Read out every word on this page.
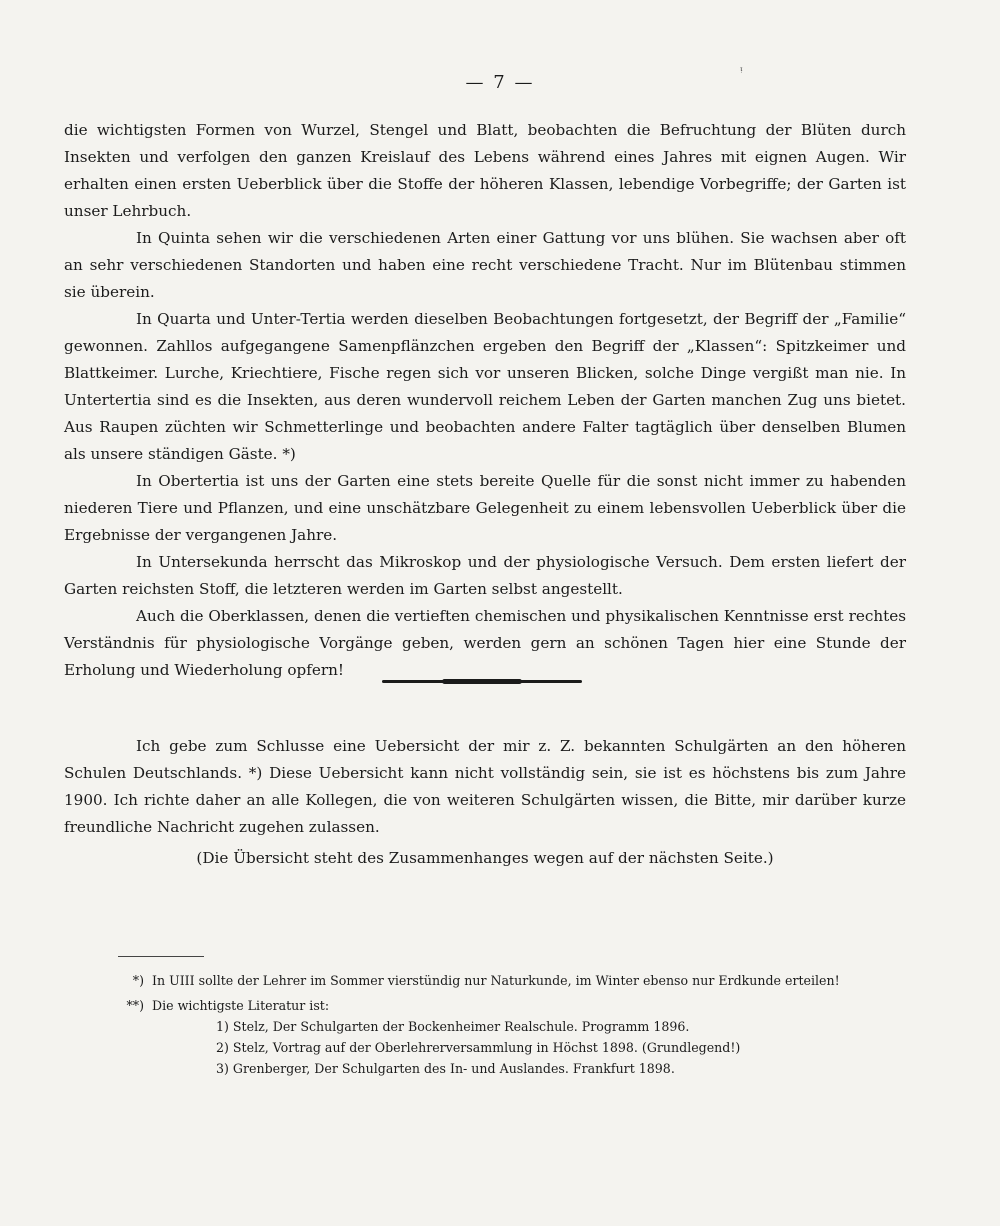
— 7 —
ᵎ

die wichtigsten Formen von Wurzel, Stengel und Blatt, beobachten die Befruchtung der Blüten durch Insekten und verfolgen den ganzen Kreislauf des Lebens während eines Jahres mit eignen Augen. Wir erhalten einen ersten Ueberblick über die Stoffe der höheren Klassen, lebendige Vorbegriffe; der Garten ist unser Lehrbuch.

In Quinta sehen wir die verschiedenen Arten einer Gattung vor uns blühen. Sie wachsen aber oft an sehr verschiedenen Standorten und haben eine recht verschiedene Tracht. Nur im Blütenbau stimmen sie überein.

In Quarta und Unter-Tertia werden dieselben Beobachtungen fortgesetzt, der Begriff der „Familie“ gewonnen. Zahllos aufgegangene Samenpflänzchen ergeben den Begriff der „Klassen“: Spitzkeimer und Blattkeimer. Lurche, Kriechtiere, Fische regen sich vor unseren Blicken, solche Dinge vergißt man nie. In Untertertia sind es die Insekten, aus deren wundervoll reichem Leben der Garten manchen Zug uns bietet. Aus Raupen züchten wir Schmetterlinge und beobachten andere Falter tagtäglich über denselben Blumen als unsere ständigen Gäste. *)

In Obertertia ist uns der Garten eine stets bereite Quelle für die sonst nicht immer zu habenden niederen Tiere und Pflanzen, und eine unschätzbare Gelegenheit zu einem lebensvollen Ueberblick über die Ergebnisse der vergangenen Jahre.

In Untersekunda herrscht das Mikroskop und der physiologische Versuch. Dem ersten liefert der Garten reichsten Stoff, die letzteren werden im Garten selbst angestellt.

Auch die Oberklassen, denen die vertieften chemischen und physikalischen Kenntnisse erst rechtes Verständnis für physiologische Vorgänge geben, werden gern an schönen Tagen hier eine Stunde der Erholung und Wiederholung opfern!

Ich gebe zum Schlusse eine Uebersicht der mir z. Z. bekannten Schulgärten an den höheren Schulen Deutschlands. *) Diese Uebersicht kann nicht vollständig sein, sie ist es höchstens bis zum Jahre 1900. Ich richte daher an alle Kollegen, die von weiteren Schulgärten wissen, die Bitte, mir darüber kurze freundliche Nachricht zugehen zulassen.

(Die Übersicht steht des Zusammenhanges wegen auf der nächsten Seite.)

*) In UIII sollte der Lehrer im Sommer vierstündig nur Naturkunde, im Winter ebenso nur Erdkunde erteilen!
**) Die wichtigste Literatur ist:
1) Stelz, Der Schulgarten der Bockenheimer Realschule. Programm 1896.
2) Stelz, Vortrag auf der Oberlehrerversammlung in Höchst 1898. (Grundlegend!)
3) Grenberger, Der Schulgarten des In- und Auslandes. Frankfurt 1898.
